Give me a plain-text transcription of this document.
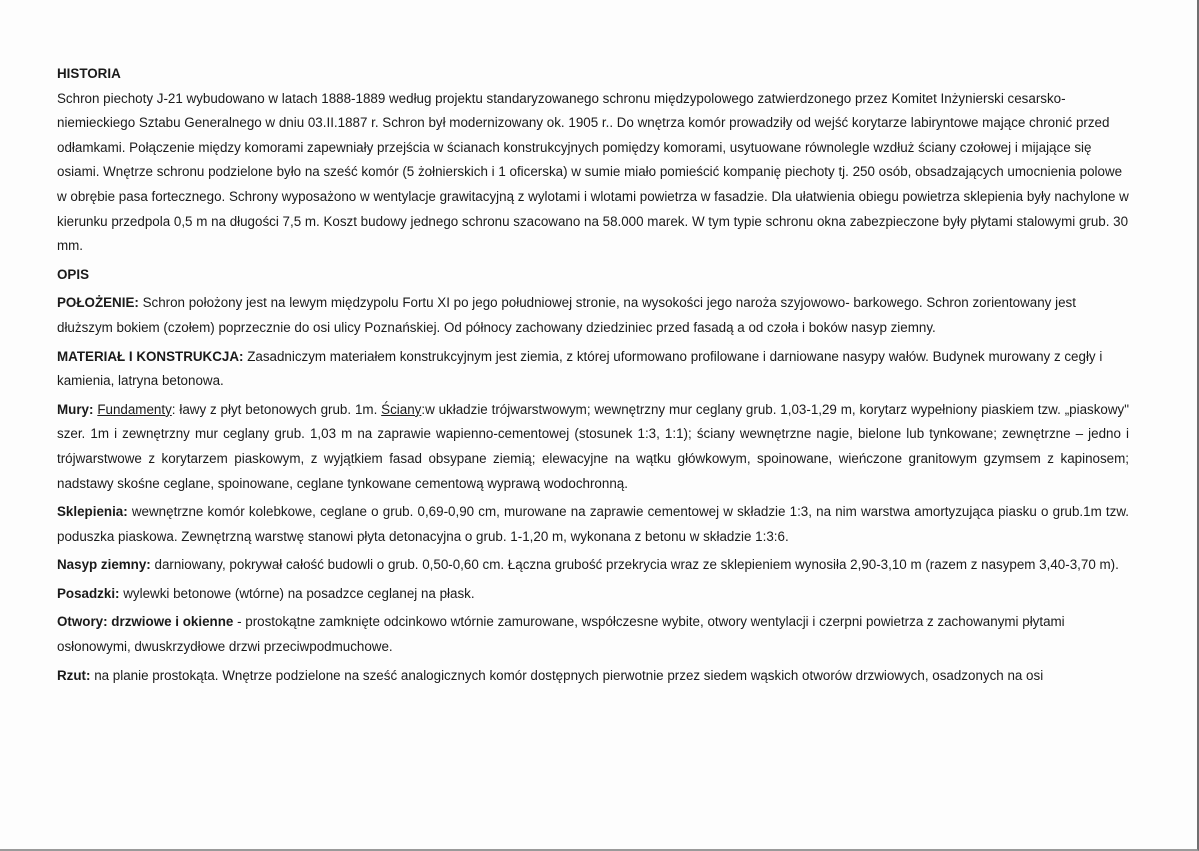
HISTORIA

Schron piechoty J-21 wybudowano w latach 1888-1889 według projektu standaryzowanego schronu międzypolowego zatwierdzonego przez Komitet Inżynierski cesarsko-niemieckiego Sztabu Generalnego w dniu 03.II.1887 r. Schron był modernizowany ok. 1905 r.. Do wnętrza komór prowadziły od wejść korytarze labiryntowe mające chronić przed odłamkami. Połączenie między komorami zapewniały przejścia w ścianach konstrukcyjnych pomiędzy komorami, usytuowane równolegle wzdłuż ściany czołowej i mijające się osiami. Wnętrze schronu podzielone było na sześć komór (5 żołnierskich i 1 oficerska) w sumie miało pomieścić kompanię piechoty tj. 250 osób, obsadzających umocnienia polowe w obrębie pasa fortecznego. Schrony wyposażono w wentylacje grawitacyjną z wylotami i wlotami powietrza w fasadzie. Dla ułatwienia obiegu powietrza sklepienia były nachylone w kierunku przedpola 0,5 m na długości 7,5 m. Koszt budowy jednego schronu szacowano na 58.000 marek. W tym typie schronu okna zabezpieczone były płytami stalowymi grub. 30 mm.

OPIS

POŁOŻENIE: Schron położony jest na lewym międzypolu Fortu XI po jego południowej stronie, na wysokości jego naroża szyjowowo- barkowego. Schron zorientowany jest dłuższym bokiem (czołem) poprzecznie do osi ulicy Poznańskiej. Od północy zachowany dziedziniec przed fasadą a od czoła i boków nasyp ziemny.

MATERIAŁ I KONSTRUKCJA: Zasadniczym materiałem konstrukcyjnym jest ziemia, z której uformowano profilowane i darniowane nasypy wałów. Budynek murowany z cegły i kamienia, latryna betonowa.

Mury: Fundamenty: ławy z płyt betonowych grub. 1m. Ściany:w układzie trójwarstwowym; wewnętrzny mur ceglany grub. 1,03-1,29 m, korytarz wypełniony piaskiem tzw. „piaskowy" szer. 1m i zewnętrzny mur ceglany grub. 1,03 m na zaprawie wapienno-cementowej (stosunek 1:3, 1:1); ściany wewnętrzne nagie, bielone lub tynkowane; zewnętrzne – jedno i trójwarstwowe z korytarzem piaskowym, z wyjątkiem fasad obsypane ziemią; elewacyjne na wątku główkowym, spoinowane, wieńczone granitowym gzymsem z kapinosem; nadstawy skośne ceglane, spoinowane, ceglane tynkowane cementową wyprawą wodochronną.

Sklepienia: wewnętrzne komór kolebkowe, ceglane o grub. 0,69-0,90 cm, murowane na zaprawie cementowej w składzie 1:3, na nim warstwa amortyzująca piasku o grub.1m tzw. poduszka piaskowa. Zewnętrzną warstwę stanowi płyta detonacyjna o grub. 1-1,20 m, wykonana z betonu w składzie 1:3:6.

Nasyp ziemny: darniowany, pokrywał całość budowli o grub. 0,50-0,60 cm. Łączna grubość przekrycia wraz ze sklepieniem wynosiła 2,90-3,10 m (razem z nasypem 3,40-3,70 m).

Posadzki: wylewki betonowe (wtórne) na posadzce ceglanej na płask.

Otwory: drzwiowe i okienne - prostokątne zamknięte odcinkowo wtórnie zamurowane, współczesne wybite, otwory wentylacji i czerpni powietrza z zachowanymi płytami osłonowymi, dwuskrzydłowe drzwi przeciwpodmuchowe.

Rzut: na planie prostokąta. Wnętrze podzielone na sześć analogicznych komór dostępnych pierwotnie przez siedem wąskich otworów drzwiowych, osadzonych na osi
